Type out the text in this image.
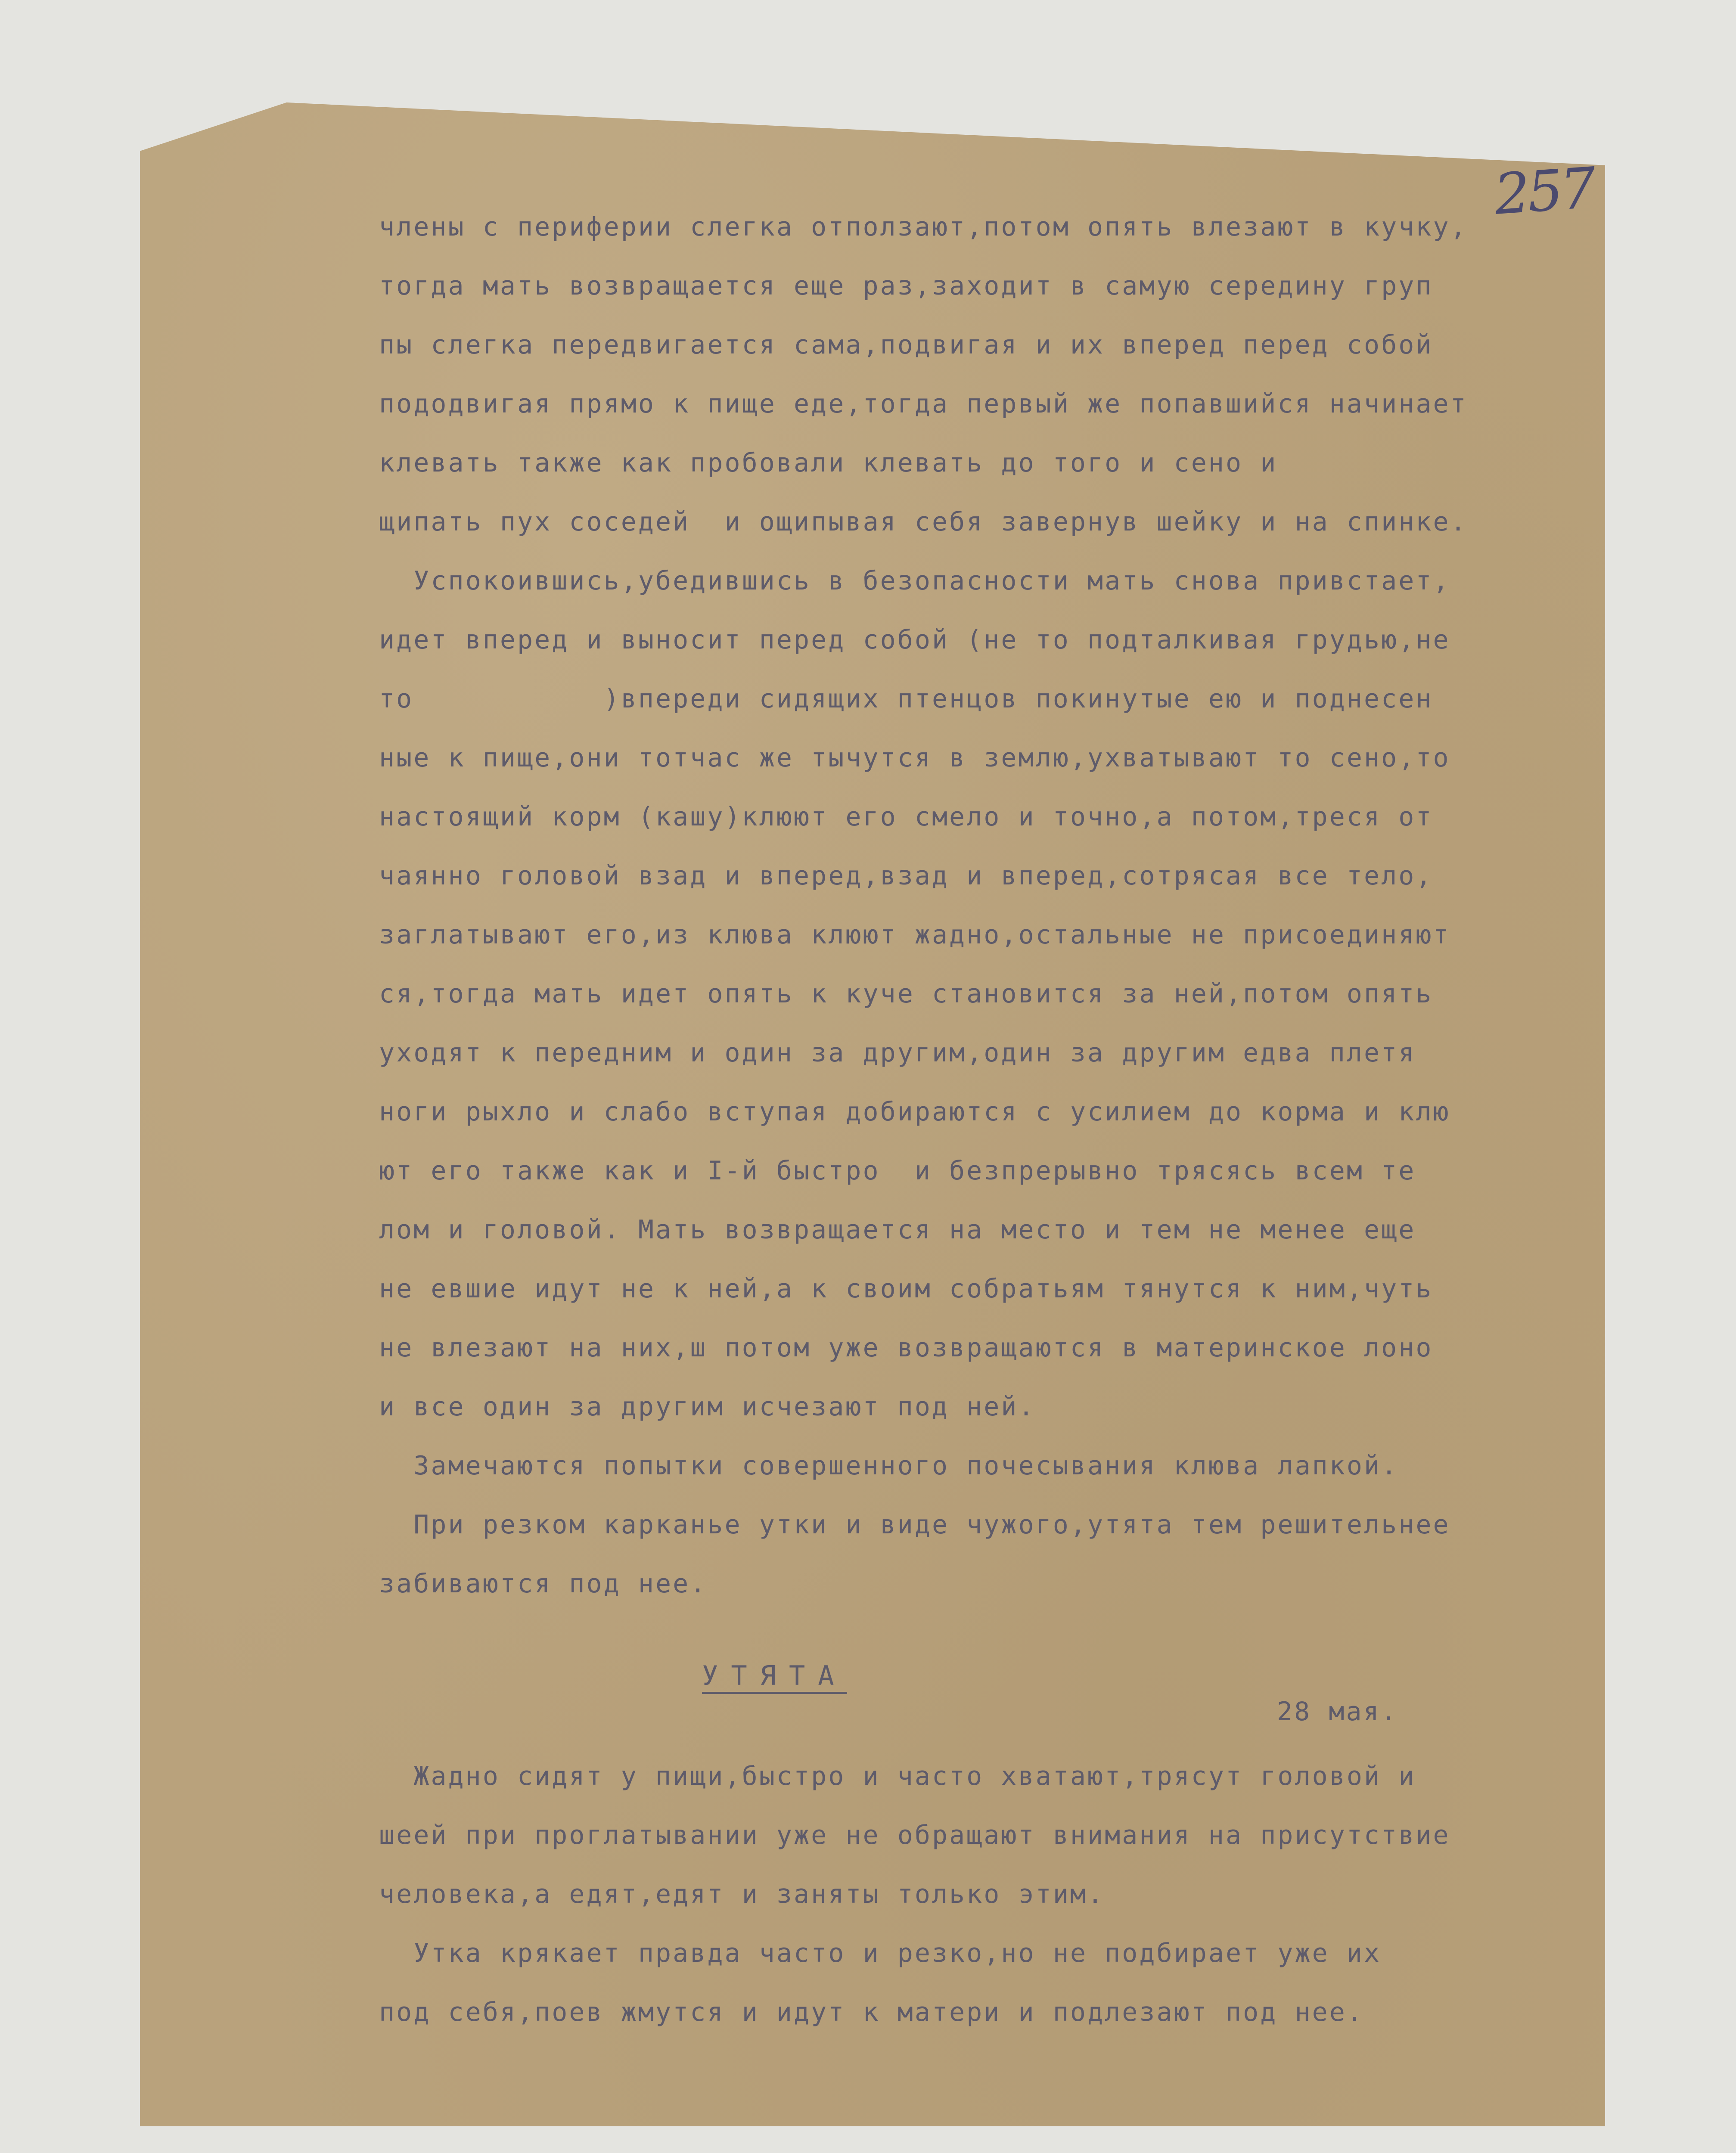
257
члены с периферии слегка отползают,потом опять влезают в кучку,
тогда мать возвращается еще раз,заходит в самую середину груп
пы слегка передвигается сама,подвигая и их вперед перед собой
пододвигая прямо к пище еде,тогда первый же попавшийся начинает
клевать также как пробовали клевать до того и сено и
щипать пух соседей  и ощипывая себя завернув шейку и на спинке.
Успокоившись,убедившись в безопасности мать снова привстает,
идет вперед и выносит перед собой (не то подталкивая грудью,не
то           )впереди сидящих птенцов покинутые ею и поднесен
ные к пище,они тотчас же тычутся в землю,ухватывают то сено,то
настоящий корм (кашу)клюют его смело и точно,а потом,треся от
чаянно головой взад и вперед,взад и вперед,сотрясая все тело,
заглатывают его,из клюва клюют жадно,остальные не присоединяют
ся,тогда мать идет опять к куче становится за ней,потом опять
уходят к передним и один за другим,один за другим едва плетя
ноги рыхло и слабо вступая добираются с усилием до корма и клю
ют его также как и I-й быстро  и безпрерывно трясясь всем те
лом и головой. Мать возвращается на место и тем не менее еще
не евшие идут не к ней,а к своим собратьям тянутся к ним,чуть
не влезают на них,ш потом уже возвращаются в материнское лоно
и все один за другим исчезают под ней.
Замечаются попытки совершенного почесывания клюва лапкой.
При резком карканье утки и виде чужого,утята тем решительнее
забиваются под нее.
Жадно сидят у пищи,быстро и часто хватают,трясут головой и
шеей при проглатывании уже не обращают внимания на присутствие
человека,а едят,едят и заняты только этим.
Утка крякает правда часто и резко,но не подбирает уже их
под себя,поев жмутся и идут к матери и подлезают под нее.
УТЯТА
28 мая.
